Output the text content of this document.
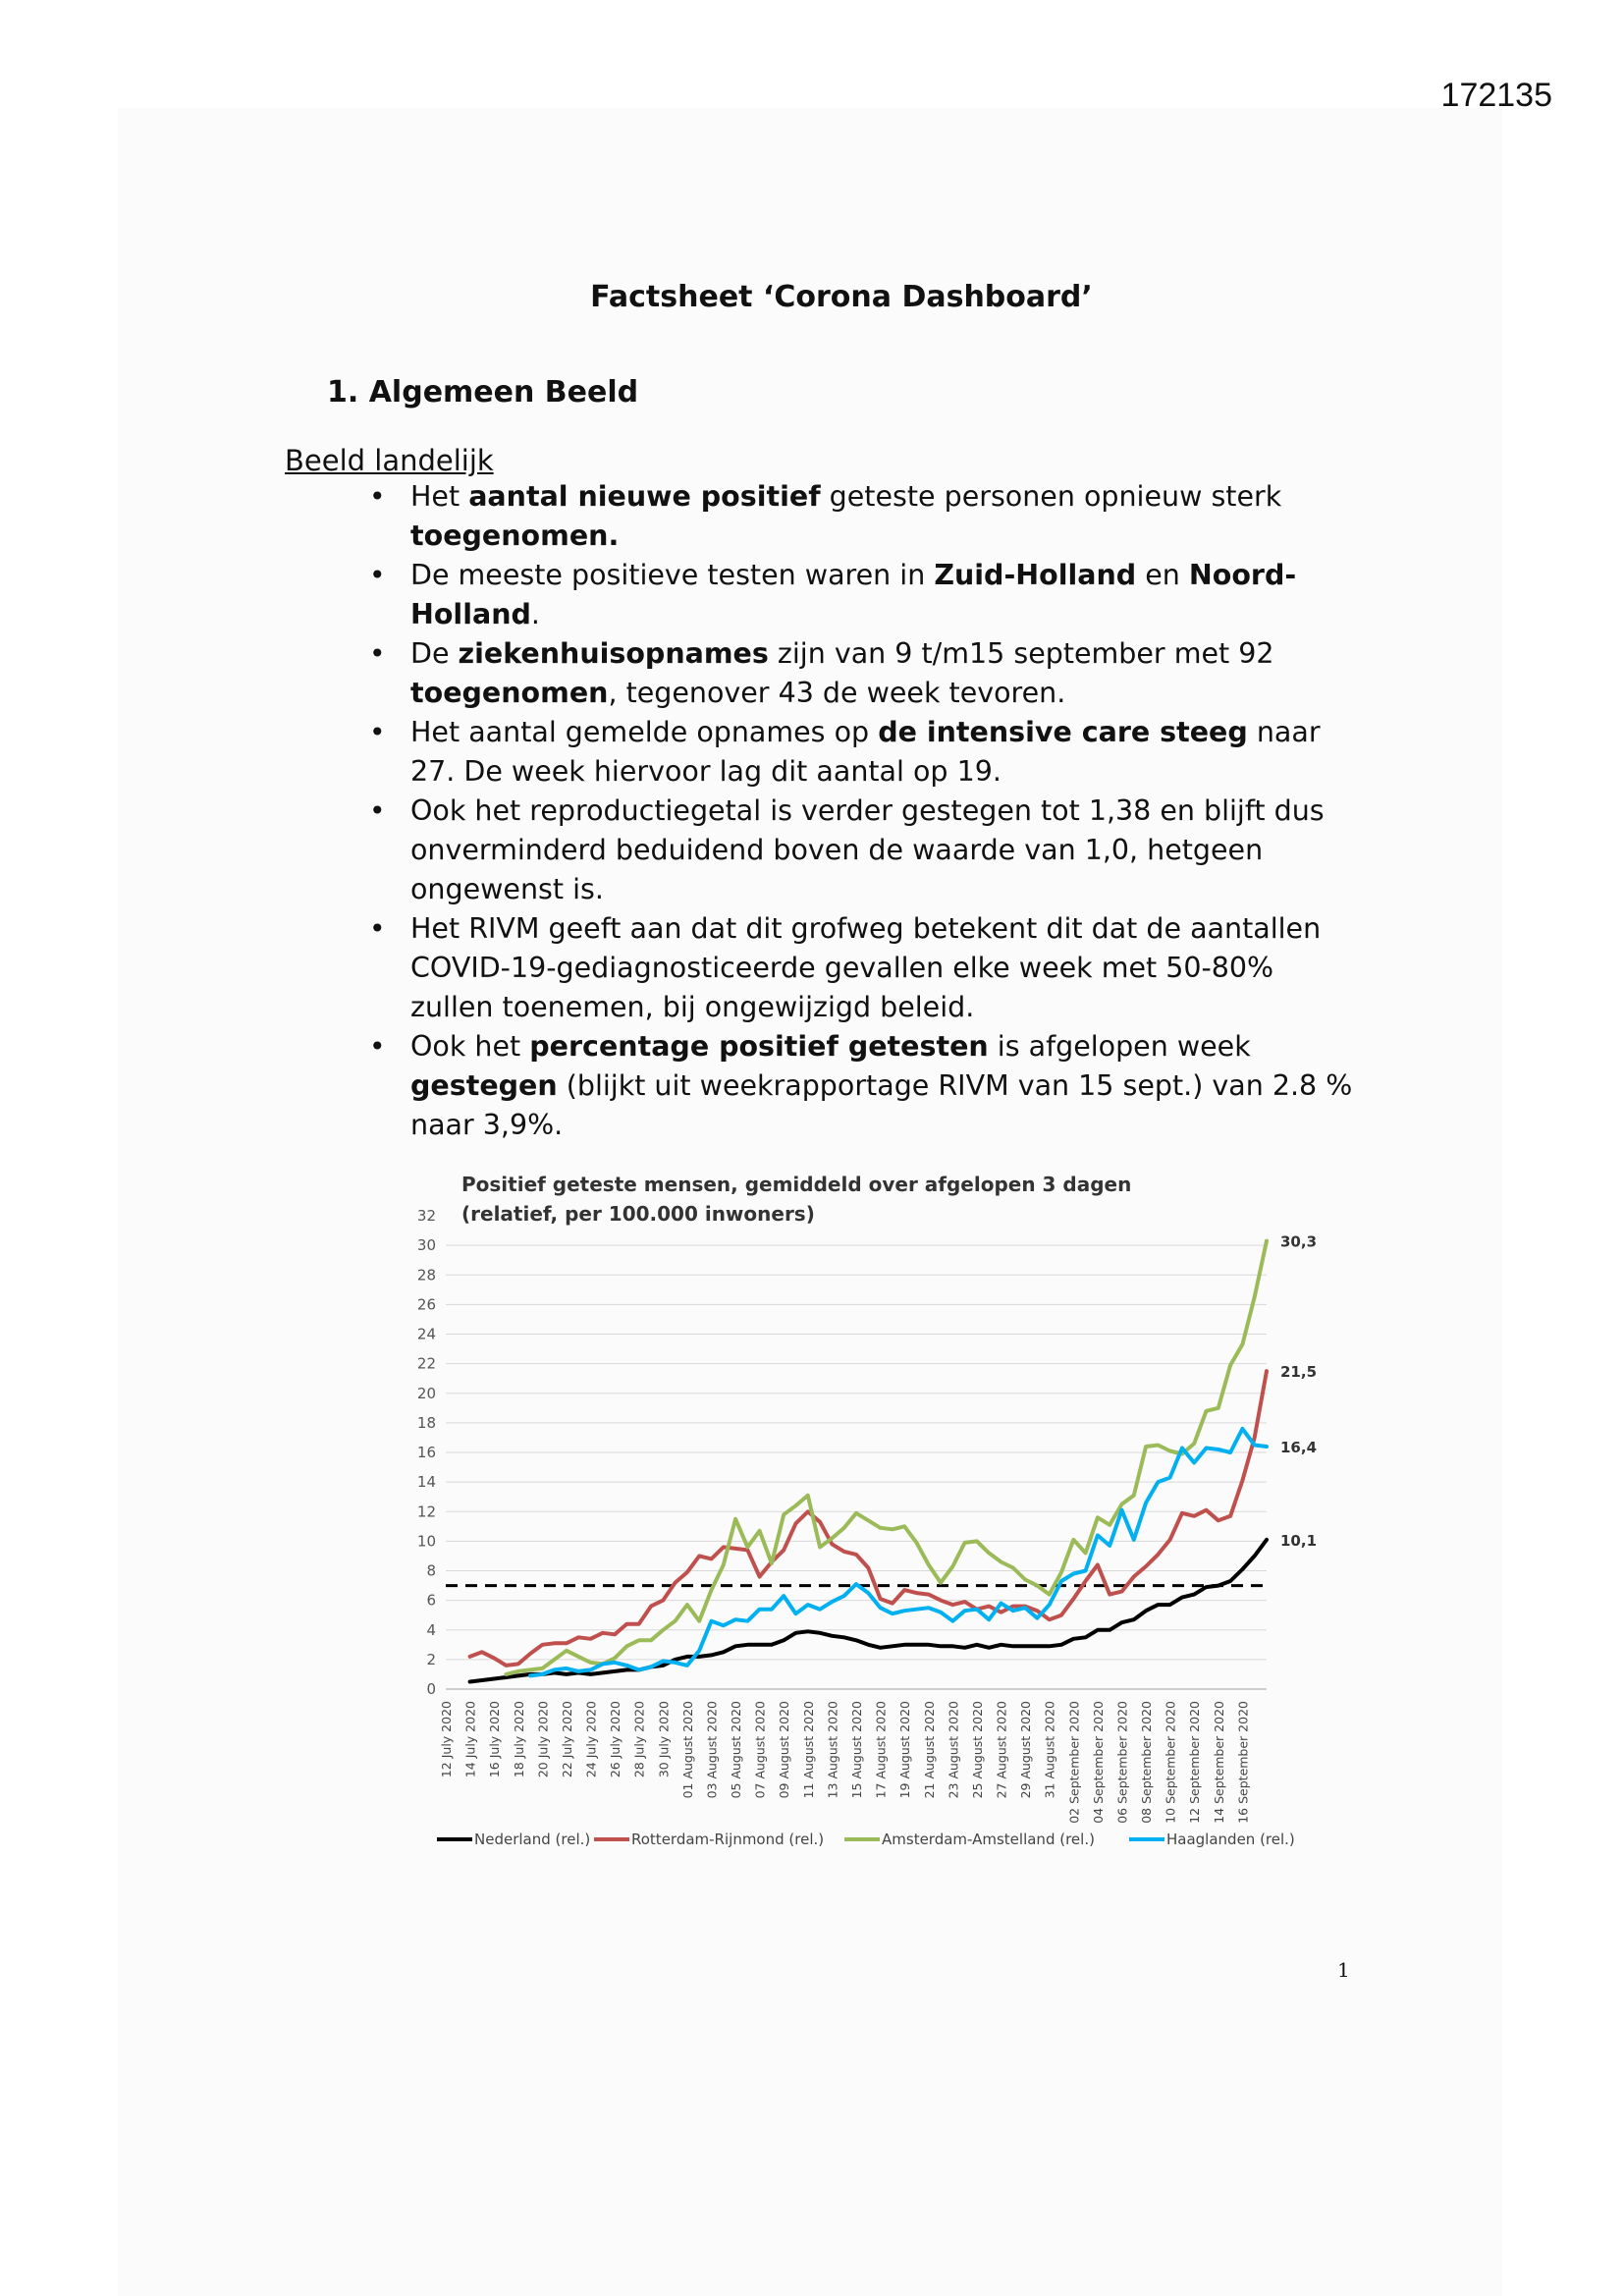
172135
Factsheet ‘Corona Dashboard’
1. Algemeen Beeld
Beeld landelijk
• Het aantal nieuwe positief geteste personen opnieuw sterk toegenomen.
• De meeste positieve testen waren in Zuid-Holland en Noord-Holland.
• De ziekenhuisopnames zijn van 9 t/m15 september met 92 toegenomen, tegenover 43 de week tevoren.
• Het aantal gemelde opnames op de intensive care steeg naar 27. De week hiervoor lag dit aantal op 19.
• Ook het reproductiegetal is verder gestegen tot 1,38 en blijft dus onverminderd beduidend boven de waarde van 1,0, hetgeen ongewenst is.
• Het RIVM geeft aan dat dit grofweg betekent dit dat de aantallen COVID-19-gediagnosticeerde gevallen elke week met 50-80% zullen toenemen, bij ongewijzigd beleid.
• Ook het percentage positief getesten is afgelopen week gestegen (blijkt uit weekrapportage RIVM van 15 sept.) van 2.8 % naar 3,9%.
Positief geteste mensen, gemiddeld over afgelopen 3 dagen
(relatief, per 100.000 inwoners)
0
2
4
6
8
10
12
14
16
18
20
22
24
26
28
30
32
12 July 2020 14 July 2020 16 July 2020 18 July 2020 20 July 2020 22 July 2020 24 July 2020 26 July 2020 28 July 2020 30 July 2020 01 August 2020 03 August 2020 05 August 2020 07 August 2020 09 August 2020 11 August 2020 13 August 2020 15 August 2020 17 August 2020 19 August 2020 21 August 2020 23 August 2020 25 August 2020 27 August 2020 29 August 2020 31 August 2020 02 September 2020 04 September 2020 06 September 2020 08 September 2020 10 September 2020 12 September 2020 14 September 2020 16 September 2020
10,1
21,5
30,3
16,4
Nederland (rel.)	Rotterdam-Rijnmond (rel.)	Amsterdam-Amstelland (rel.)	Haaglanden (rel.)
1
